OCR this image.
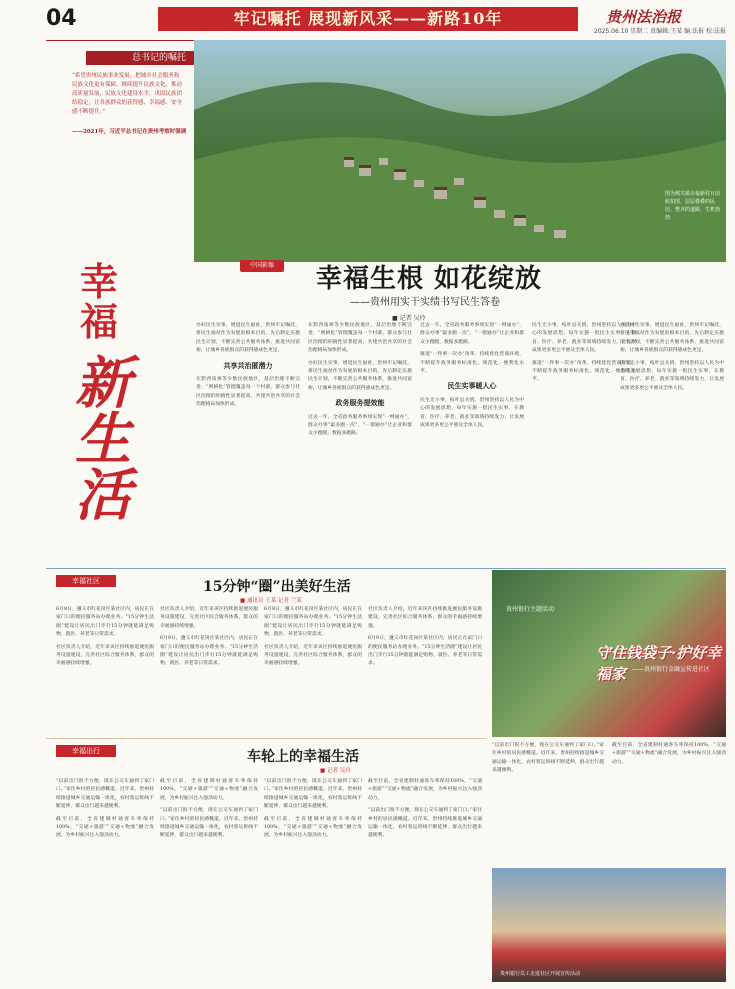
04	牢记嘱托 展现新风采——新路10年	贵州法治报
2025.06.10 星期二 贵编辑:王某 编:法报 校:法报
总书记的嘱托
“希望贵州民族事业发展，把城乡社会服务和民族文化更有保障，继续提升民族文化，推动高质量发展，民族文化建设水平，巩固民族团结稳定，让各族群众的获得感、幸福感、安全感不断提升。”
——2021年，习近平总书记在贵州考察时强调
幸福
新生活
图为城关镇幸福新村日前航拍图，层层叠叠的民居、整齐的道路，生机勃勃
中国影像	幸福生根 如花绽放
——贵州用实干实绩书写民生答卷
■ 记者 吴玲
办好民生实事，增进民生福祉，贵州牢记嘱托，将民生福祉作为发展的根本目的，先后制定实施民生计划，不断完善公共服务体系，推进共同富裕，让城乡各族群众的获得感成色更足。
共享共治匿潜力
在黔西南州等少数民族地区，基层治理不断完善，“网格化”管理覆盖每一个村寨，群众参与社区治理的积极性显著提高，共建共治共享的社会治理格局加快形成。
在黔西南州等少数民族地区，基层治理不断完善，“网格化”管理覆盖每一个村寨，群众参与社区治理的积极性显著提高，共建共治共享的社会治理格局加快形成。
办好民生实事，增进民生福祉，贵州牢记嘱托，将民生福祉作为发展的根本目的，先后制定实施民生计划，不断完善公共服务体系，推进共同富裕，让城乡各族群众的获得感成色更足。
政务服务提效能
过去一年，全省政务服务事项实现“一网通办”，群众办事“最多跑一次”，“一窗通办”让企业和群众少跑腿，数据多跑路。
过去一年，全省政务服务事项实现“一网通办”，群众办事“最多跑一次”，“一窗通办”让企业和群众少跑腿，数据多跑路。
推进“一件事一次办”改革，持续优化营商环境，不断提升政务服务标准化、规范化、便利化水平。
民生实事暖人心
民生无小事，枝叶总关情。贵州坚持以人民为中心的发展思想，每年实施一批民生实事，在教育、医疗、养老、就业等领域持续发力，让发展成果更多更公平惠及全体人民。
民生无小事，枝叶总关情。贵州坚持以人民为中心的发展思想，每年实施一批民生实事，在教育、医疗、养老、就业等领域持续发力，让发展成果更多更公平惠及全体人民。
推进“一件事一次办”改革，持续优化营商环境，不断提升政务服务标准化、规范化、便利化水平。
办好民生实事，增进民生福祉，贵州牢记嘱托，将民生福祉作为发展的根本目的，先后制定实施民生计划，不断完善公共服务体系，推进共同富裕，让城乡各族群众的获得感成色更足。
民生无小事，枝叶总关情。贵州坚持以人民为中心的发展思想，每年实施一批民生实事，在教育、医疗、养老、就业等领域持续发力，让发展成果更多更公平惠及全体人民。
幸福社区	15分钟“圈”出美好生活
■ 通讯员 王某 记者 兰某
6月9日，遵义市红花岗区某社区内，居民正在家门口的便民服务站办理业务。“15分钟生活圈”建设让居民出门步行15分钟就能满足购物、就医、养老等日常需求。
社区负责人介绍，近年来该区持续推进便民服务设施建设，完善社区综合服务体系，群众的幸福感持续增强。
社区负责人介绍，近年来该区持续推进便民服务设施建设，完善社区综合服务体系，群众的幸福感持续增强。
6月9日，遵义市红花岗区某社区内，居民正在家门口的便民服务站办理业务。“15分钟生活圈”建设让居民出门步行15分钟就能满足购物、就医、养老等日常需求。
6月9日，遵义市红花岗区某社区内，居民正在家门口的便民服务站办理业务。“15分钟生活圈”建设让居民出门步行15分钟就能满足购物、就医、养老等日常需求。
社区负责人介绍，近年来该区持续推进便民服务设施建设，完善社区综合服务体系，群众的幸福感持续增强。
社区负责人介绍，近年来该区持续推进便民服务设施建设，完善社区综合服务体系，群众的幸福感持续增强。
6月9日，遵义市红花岗区某社区内，居民正在家门口的便民服务站办理业务。“15分钟生活圈”建设让居民出门步行15分钟就能满足购物、就医、养老等日常需求。
贵州银行主题活动
守住钱袋子·护好幸福家 ——贵州银行金融宣传进社区
“以前出门很不方便，现在公交车通到了家门口。”家住乡村的居民感慨道。近年来，贵州持续推进城乡交通运输一体化，农村客运班线不断延伸，群众出行越来越便利。
截至目前，全省建制村通客车率保持100%，“交通+旅游”“交通+物流”融合发展，为乡村振兴注入强劲动力。
幸福出行	车轮上的幸福生活
■ 记者 吴玲
“以前出门很不方便，现在公交车通到了家门口。”家住乡村的居民感慨道。近年来，贵州持续推进城乡交通运输一体化，农村客运班线不断延伸，群众出行越来越便利。
截至目前，全省建制村通客车率保持100%，“交通+旅游”“交通+物流”融合发展，为乡村振兴注入强劲动力。
截至目前，全省建制村通客车率保持100%，“交通+旅游”“交通+物流”融合发展，为乡村振兴注入强劲动力。
“以前出门很不方便，现在公交车通到了家门口。”家住乡村的居民感慨道。近年来，贵州持续推进城乡交通运输一体化，农村客运班线不断延伸，群众出行越来越便利。
“以前出门很不方便，现在公交车通到了家门口。”家住乡村的居民感慨道。近年来，贵州持续推进城乡交通运输一体化，农村客运班线不断延伸，群众出行越来越便利。
截至目前，全省建制村通客车率保持100%，“交通+旅游”“交通+物流”融合发展，为乡村振兴注入强劲动力。
截至目前，全省建制村通客车率保持100%，“交通+旅游”“交通+物流”融合发展，为乡村振兴注入强劲动力。
“以前出门很不方便，现在公交车通到了家门口。”家住乡村的居民感慨道。近年来，贵州持续推进城乡交通运输一体化，农村客运班线不断延伸，群众出行越来越便利。
贵州银行员工走进社区开展宣传活动
